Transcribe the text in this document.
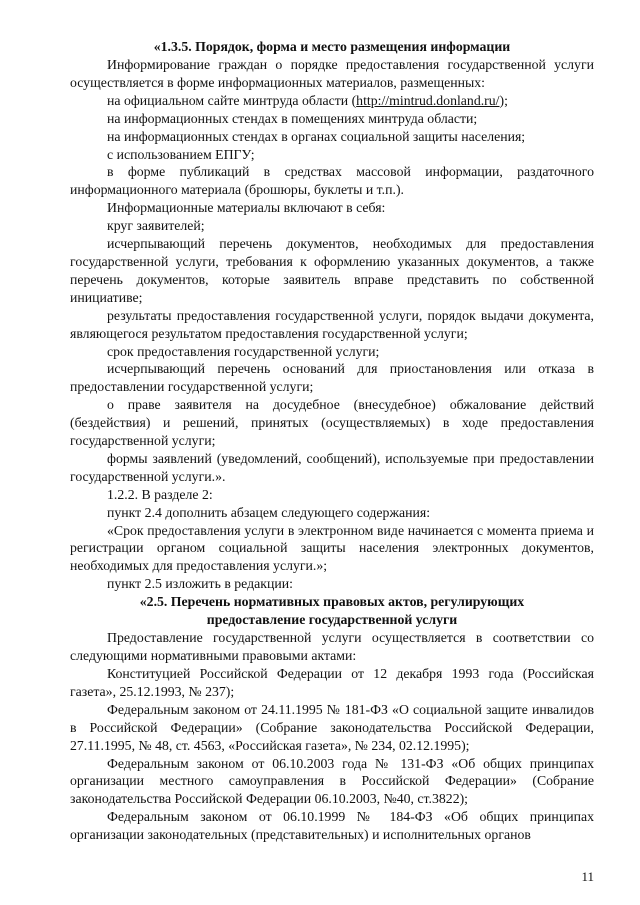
«1.3.5. Порядок, форма и место размещения информации

Информирование граждан о порядке предоставления государственной услуги осуществляется в форме информационных материалов, размещенных:

на официальном сайте минтруда области (http://mintrud.donland.ru/);

на информационных стендах в помещениях минтруда области;

на информационных стендах в органах социальной защиты населения;

с использованием ЕПГУ;

в форме публикаций в средствах массовой информации, раздаточного информационного материала (брошюры, буклеты и т.п.).

Информационные материалы включают в себя:

круг заявителей;

исчерпывающий перечень документов, необходимых для предоставления государственной услуги, требования к оформлению указанных документов, а также перечень документов, которые заявитель вправе представить по собственной инициативе;

результаты предоставления государственной услуги, порядок выдачи документа, являющегося результатом предоставления государственной услуги;

срок предоставления государственной услуги;

исчерпывающий перечень оснований для приостановления или отказа в предоставлении государственной услуги;

о праве заявителя на досудебное (внесудебное) обжалование действий (бездействия) и решений, принятых (осуществляемых) в ходе предоставления государственной услуги;

формы заявлений (уведомлений, сообщений), используемые при предоставлении государственной услуги.».

1.2.2. В разделе 2:

пункт 2.4 дополнить абзацем следующего содержания:

«Срок предоставления услуги в электронном виде начинается с момента приема и регистрации органом социальной защиты населения электронных документов, необходимых для предоставления услуги.»;

пункт 2.5 изложить в редакции:

«2.5. Перечень нормативных правовых актов, регулирующих

предоставление государственной услуги

Предоставление государственной услуги осуществляется в соответствии со следующими нормативными правовыми актами:

Конституцией Российской Федерации от 12 декабря 1993 года (Российская газета», 25.12.1993, № 237);

Федеральным законом от 24.11.1995 № 181-ФЗ «О социальной защите инвалидов в Российской Федерации» (Собрание законодательства Российской Федерации, 27.11.1995, № 48, ст. 4563, «Российская газета», № 234, 02.12.1995);

Федеральным законом от 06.10.2003 года № 131-ФЗ «Об общих принципах организации местного самоуправления в Российской Федерации» (Собрание законодательства Российской Федерации 06.10.2003, №40, ст.3822);

Федеральным законом от 06.10.1999 № 184-ФЗ «Об общих принципах организации законодательных (представительных) и исполнительных органов

11
